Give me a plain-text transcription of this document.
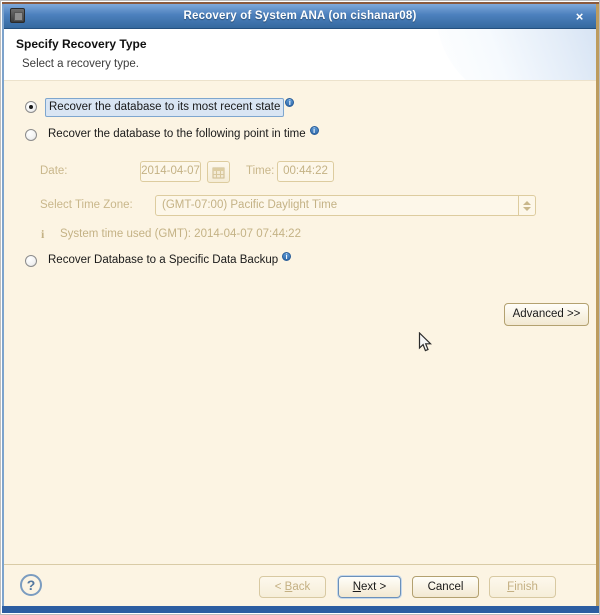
Recovery of System ANA (on cishanar08)	×
Specify Recovery Type
Select a recovery type.
Recover the database to its most recent state	i
Recover the database to the following point in time	i
Date:	2014-04-07	Time: 00:44:22
Select Time Zone:	(GMT-07:00) Pacific Daylight Time
i System time used (GMT): 2014-04-07 07:44:22
Recover Database to a Specific Data Backup	i
Advanced >>
?	< Back	Next >	Cancel	Finish
